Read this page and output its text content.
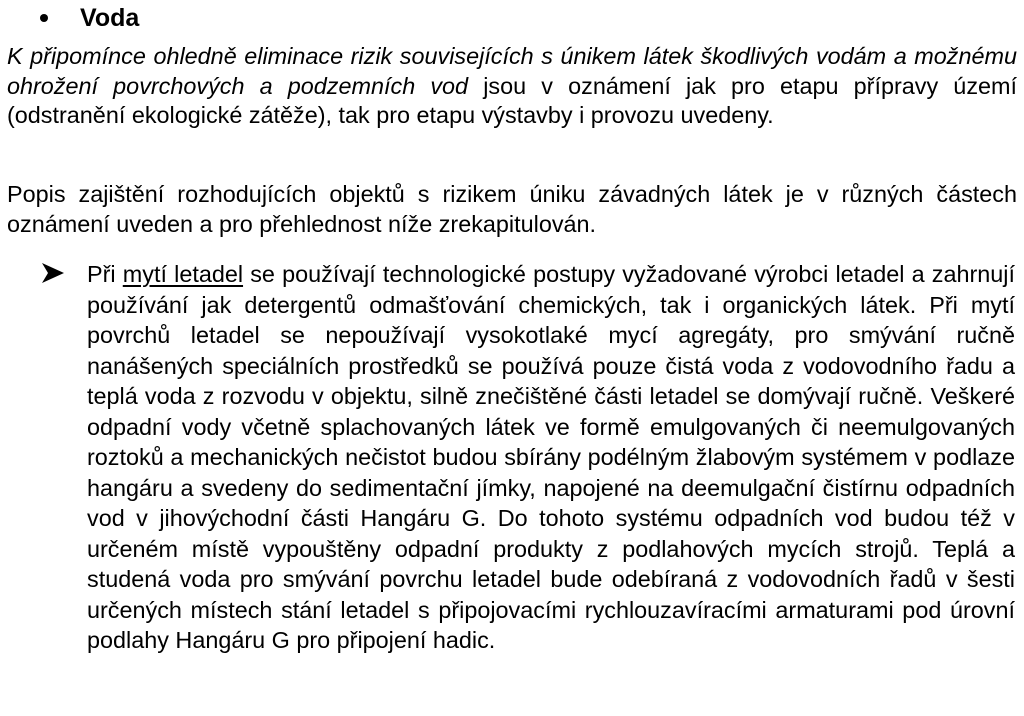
Voda

K připomínce ohledně eliminace rizik souvisejících s únikem látek škodlivých vodám a možnému ohrožení povrchových a podzemních vod jsou v oznámení jak pro etapu přípravy území (odstranění ekologické zátěže), tak pro etapu výstavby i provozu uvedeny.

Popis zajištění rozhodujících objektů s rizikem úniku závadných látek je v různých částech oznámení uveden a pro přehlednost níže zrekapitulován.

Při mytí letadel se používají technologické postupy vyžadované výrobci letadel a zahrnují používání jak detergentů odmašťování chemických, tak i organických látek. Při mytí povrchů letadel se nepoužívají vysokotlaké mycí agregáty, pro smývání ručně nanášených speciálních prostředků se používá pouze čistá voda z vodovodního řadu a teplá voda z rozvodu v objektu, silně znečištěné části letadel se domývají ručně. Veškeré odpadní vody včetně splachovaných látek ve formě emulgovaných či neemulgovaných roztoků a mechanických nečistot budou sbírány podélným žlabovým systémem v podlaze hangáru a svedeny do sedimentační jímky, napojené na deemulgační čistírnu odpadních vod v jihovýchodní části Hangáru G. Do tohoto systému odpadních vod budou též v určeném místě vypouštěny odpadní produkty z podlahových mycích strojů. Teplá a studená voda pro smývání povrchu letadel bude odebíraná z vodovodních řadů v šesti určených místech stání letadel s připojovacími rychlouzavíracími armaturami pod úrovní podlahy Hangáru G pro připojení hadic.
